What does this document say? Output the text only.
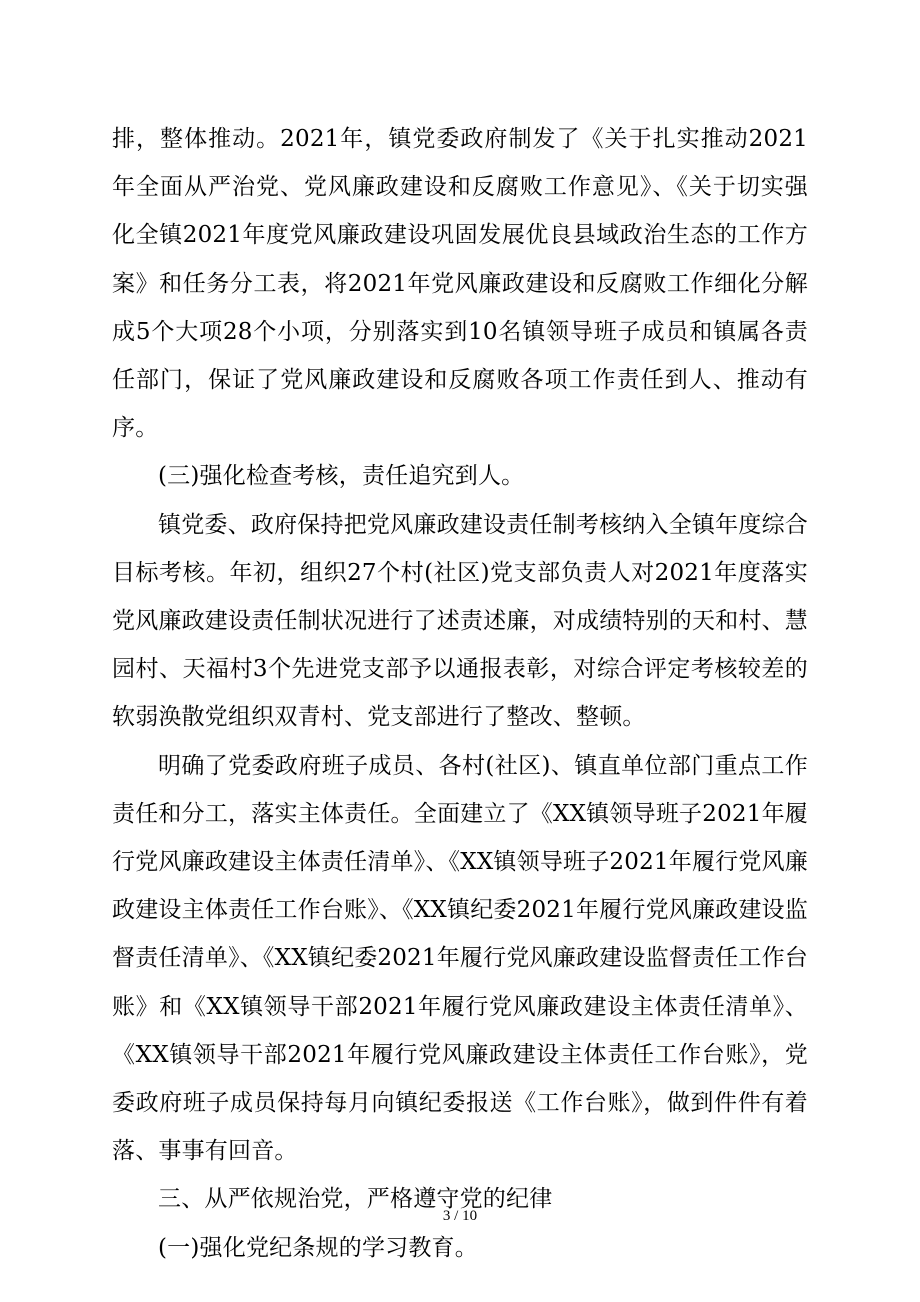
排，整体推动。2021年，镇党委政府制发了《关于扎实推动2021年全面从严治党、党风廉政建设和反腐败工作意见》、《关于切实强化全镇2021年度党风廉政建设巩固发展优良县域政治生态的工作方案》和任务分工表，将2021年党风廉政建设和反腐败工作细化分解成5个大项28个小项，分别落实到10名镇领导班子成员和镇属各责任部门，保证了党风廉政建设和反腐败各项工作责任到人、推动有序。

(三)强化检查考核，责任追究到人。

镇党委、政府保持把党风廉政建设责任制考核纳入全镇年度综合目标考核。年初，组织27个村(社区)党支部负责人对2021年度落实党风廉政建设责任制状况进行了述责述廉，对成绩特别的天和村、慧园村、天福村3个先进党支部予以通报表彰，对综合评定考核较差的软弱涣散党组织双青村、党支部进行了整改、整顿。

明确了党委政府班子成员、各村(社区)、镇直单位部门重点工作责任和分工，落实主体责任。全面建立了《XX镇领导班子2021年履行党风廉政建设主体责任清单》、《XX镇领导班子2021年履行党风廉政建设主体责任工作台账》、《XX镇纪委2021年履行党风廉政建设监督责任清单》、《XX镇纪委2021年履行党风廉政建设监督责任工作台账》和《XX镇领导干部2021年履行党风廉政建设主体责任清单》、《XX镇领导干部2021年履行党风廉政建设主体责任工作台账》，党委政府班子成员保持每月向镇纪委报送《工作台账》，做到件件有着落、事事有回音。

三、从严依规治党，严格遵守党的纪律

(一)强化党纪条规的学习教育。

3 / 10
